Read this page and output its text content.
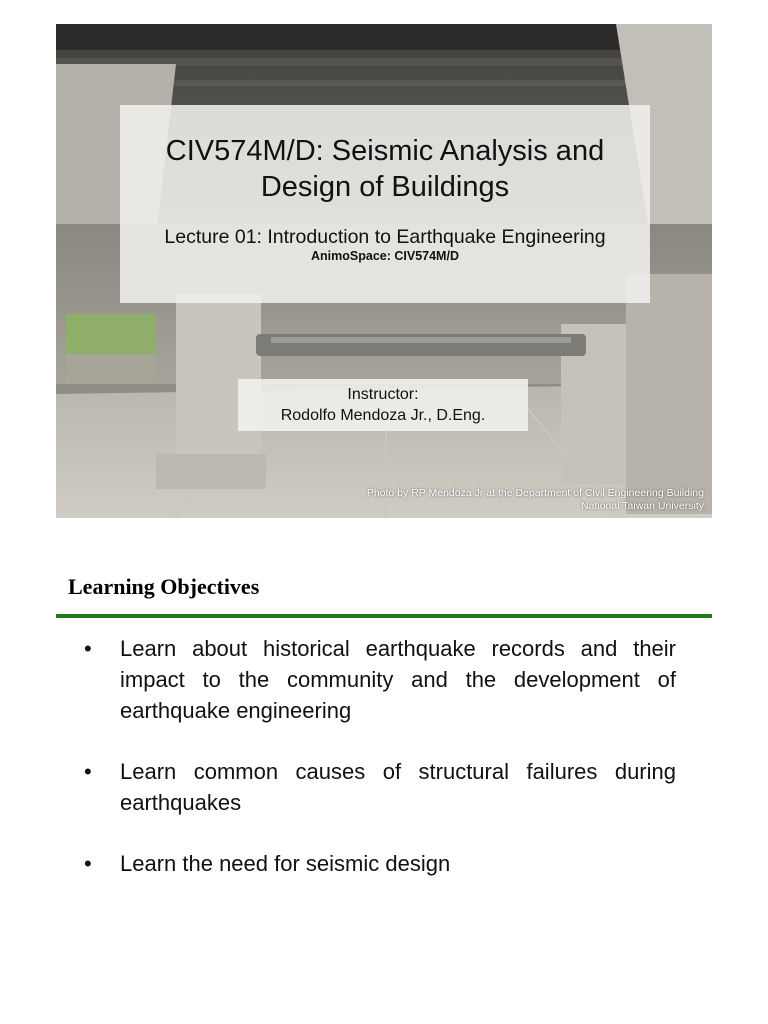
CIV574M/D: Seismic Analysis and Design of Buildings
Lecture 01: Introduction to Earthquake Engineering
AnimoSpace: CIV574M/D
Instructor:
Rodolfo Mendoza Jr., D.Eng.
Photo by RP Mendoza Jr at the Department of Civil Engineering Building
National Taiwan University
Learning Objectives
•	Learn about historical earthquake records and their impact to the community and the development of earthquake engineering
•	Learn common causes of structural failures during earthquakes
•	Learn the need for seismic design
